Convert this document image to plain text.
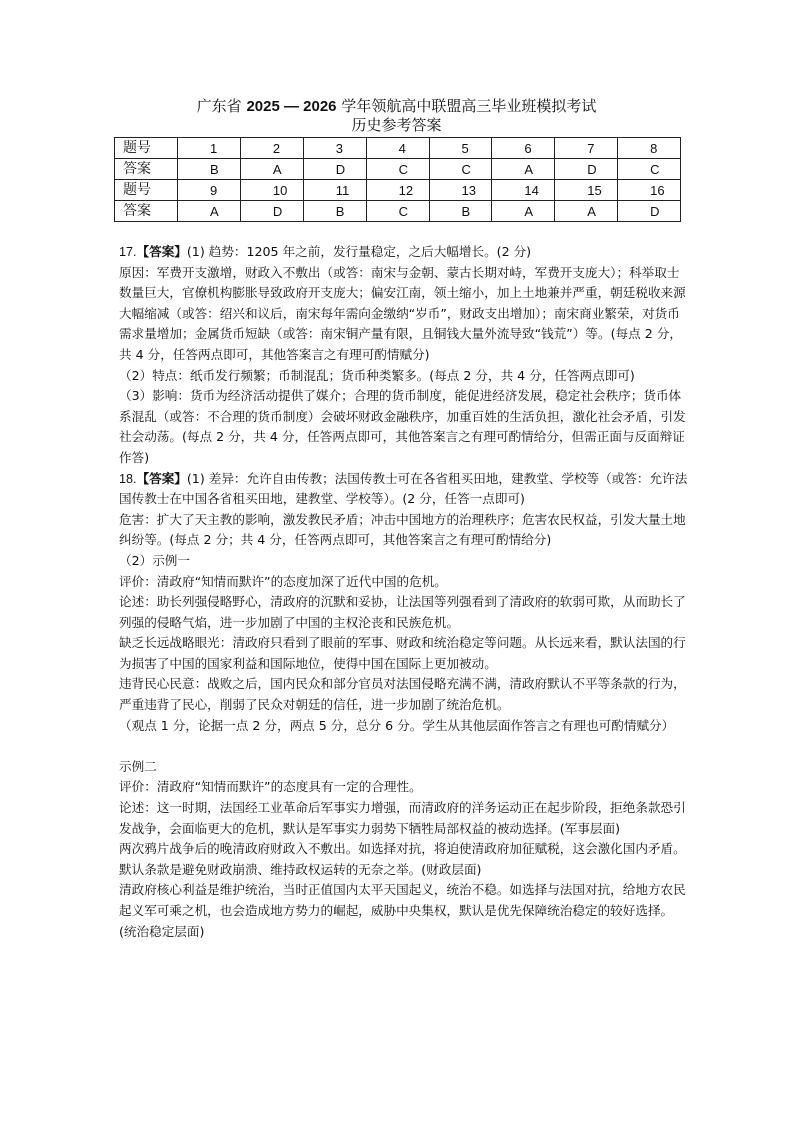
广东省 2025 — 2026 学年领航高中联盟高三毕业班模拟考试
历史参考答案
题号	1	2	3	4	5	6	7	8
答案	B	A	D	C	C	A	D	C
题号	9	10	11	12	13	14	15	16
答案	A	D	B	C	B	A	A	D

17.【答案】(1) 趋势：1205 年之前，发行量稳定，之后大幅增长。(2 分)

原因：军费开支激增，财政入不敷出（或答：南宋与金朝、蒙古长期对峙，军费开支庞大）；科举取士数量巨大，官僚机构膨胀导致政府开支庞大；偏安江南，领土缩小，加上土地兼并严重，朝廷税收来源大幅缩减（或答：绍兴和议后，南宋每年需向金缴纳“岁币”，财政支出增加）；南宋商业繁荣，对货币需求量增加；金属货币短缺（或答：南宋铜产量有限，且铜钱大量外流导致“钱荒”）等。(每点 2 分，共 4 分，任答两点即可，其他答案言之有理可酌情赋分)

（2）特点：纸币发行频繁；币制混乱；货币种类繁多。(每点 2 分，共 4 分，任答两点即可)

（3）影响：货币为经济活动提供了媒介；合理的货币制度，能促进经济发展，稳定社会秩序；货币体系混乱（或答：不合理的货币制度）会破坏财政金融秩序，加重百姓的生活负担，激化社会矛盾，引发社会动荡。(每点 2 分，共 4 分，任答两点即可，其他答案言之有理可酌情给分，但需正面与反面辩证作答)

18.【答案】(1) 差异：允许自由传教；法国传教士可在各省租买田地，建教堂、学校等（或答：允许法国传教士在中国各省租买田地，建教堂、学校等）。(2 分，任答一点即可)

危害：扩大了天主教的影响，激发教民矛盾；冲击中国地方的治理秩序；危害农民权益，引发大量土地纠纷等。(每点 2 分；共 4 分，任答两点即可，其他答案言之有理可酌情给分)

（2）示例一

评价：清政府“知情而默许”的态度加深了近代中国的危机。

论述：助长列强侵略野心，清政府的沉默和妥协，让法国等列强看到了清政府的软弱可欺，从而助长了列强的侵略气焰，进一步加剧了中国的主权沦丧和民族危机。

缺乏长远战略眼光：清政府只看到了眼前的军事、财政和统治稳定等问题。从长远来看，默认法国的行为损害了中国的国家利益和国际地位，使得中国在国际上更加被动。

违背民心民意：战败之后，国内民众和部分官员对法国侵略充满不满，清政府默认不平等条款的行为，严重违背了民心，削弱了民众对朝廷的信任，进一步加剧了统治危机。

（观点 1 分，论据一点 2 分，两点 5 分，总分 6 分。学生从其他层面作答言之有理也可酌情赋分）

示例二

评价：清政府“知情而默许”的态度具有一定的合理性。

论述：这一时期，法国经工业革命后军事实力增强，而清政府的洋务运动正在起步阶段，拒绝条款恐引发战争，会面临更大的危机，默认是军事实力弱势下牺牲局部权益的被动选择。(军事层面)

两次鸦片战争后的晚清政府财政入不敷出。如选择对抗，将迫使清政府加征赋税，这会激化国内矛盾。默认条款是避免财政崩溃、维持政权运转的无奈之举。(财政层面)

清政府核心利益是维护统治，当时正值国内太平天国起义，统治不稳。如选择与法国对抗，给地方农民起义军可乘之机，也会造成地方势力的崛起，威胁中央集权，默认是优先保障统治稳定的较好选择。(统治稳定层面)
